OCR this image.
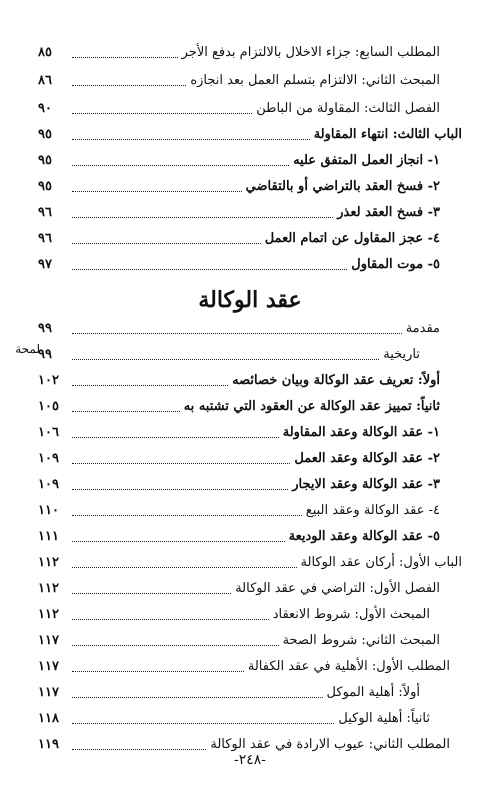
٨٥	المطلب السابع: جزاء الاخلال بالالتزام بدفع الأجر
٨٦	المبحث الثاني: الالتزام بتسلم العمل بعد انجازه
٩٠	الفصل الثالث: المقاولة من الباطن
٩٥	الباب الثالث: انتهاء المقاولة
٩٥	١- انجاز العمل المتفق عليه
٩٥	٢- فسخ العقد بالتراضي أو بالتقاضي
٩٦	٣- فسخ العقد لعذر
٩٦	٤- عجز المقاول عن اتمام العمل
٩٧	٥- موت المقاول
عقد الوكالة
لمحة
٩٩	مقدمة
٩٩	تاريخية
١٠٢	أولاً: تعريف عقد الوكالة وبيان خصائصه
١٠٥	ثانياً: تمييز عقد الوكالة عن العقود التي تشتبه به
١٠٦	١- عقد الوكالة وعقد المقاولة
١٠٩	٢- عقد الوكالة وعقد العمل
١٠٩	٣- عقد الوكالة وعقد الايجار
١١٠	٤- عقد الوكالة وعقد البيع
١١١	٥- عقد الوكالة وعقد الوديعة
١١٢	الباب الأول: أركان عقد الوكالة
١١٢	الفصل الأول: التراضي في عقد الوكالة
١١٢	المبحث الأول: شروط الانعقاد
١١٧	المبحث الثاني: شروط الصحة
١١٧	المطلب الأول: الأهلية في عقد الكفالة
١١٧	أولاً: أهلية الموكل
١١٨	ثانياً: أهلية الوكيل
١١٩	المطلب الثاني: عيوب الارادة في عقد الوكالة
-٢٤٨-
